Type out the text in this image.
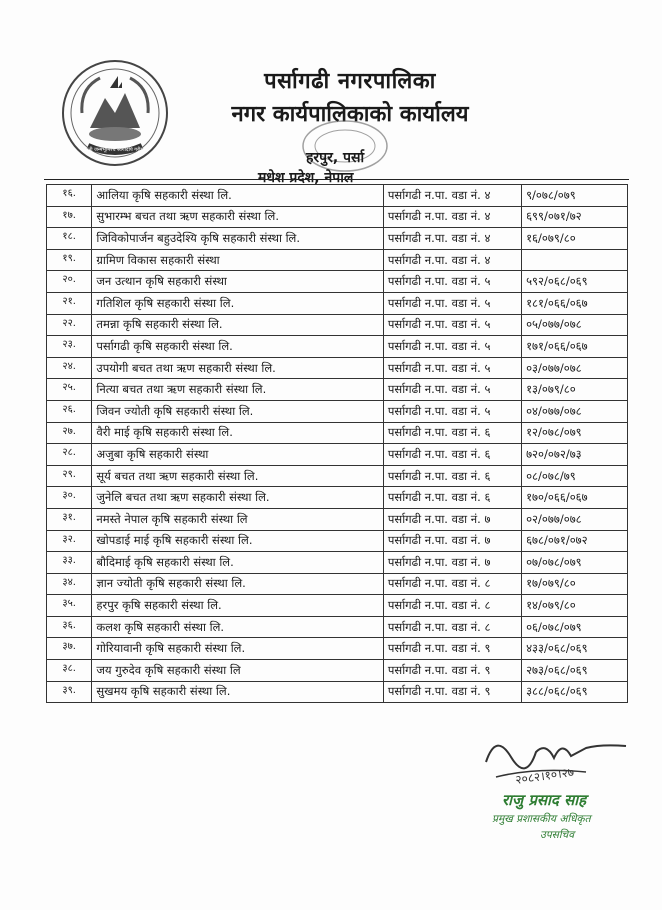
जननी जन्मभूमिश्च स्वर्गादपि गरीयसी

पर्सागढी नगरपालिका

नगर कार्यपालिकाको कार्यालय

हरपुर, पर्सा
मधेश प्रदेश, नेपाल
१६.	आलिया कृषि सहकारी संस्था लि.	पर्सागढी न.पा. वडा नं. ४	९/०७८/०७९
१७.	सुभारम्भ बचत तथा ऋण सहकारी संस्था लि.	पर्सागढी न.पा. वडा नं. ४	६९९/०७१/७२
१८.	जिविकोपार्जन बहुउदेश्यि कृषि सहकारी संस्था लि.	पर्सागढी न.पा. वडा नं. ४	१६/०७९/८०
१९.	ग्रामिण विकास सहकारी संस्था	पर्सागढी न.पा. वडा नं. ४	
२०.	जन उत्थान कृषि सहकारी संस्था	पर्सागढी न.पा. वडा नं. ५	५९२/०६८/०६९
२१.	गतिशिल कृषि सहकारी संस्था लि.	पर्सागढी न.पा. वडा नं. ५	१८१/०६६/०६७
२२.	तमन्ना कृषि सहकारी संस्था लि.	पर्सागढी न.पा. वडा नं. ५	०५/०७७/०७८
२३.	पर्सागढी कृषि सहकारी संस्था लि.	पर्सागढी न.पा. वडा नं. ५	१७१/०६६/०६७
२४.	उपयोगी बचत तथा ऋण सहकारी संस्था लि.	पर्सागढी न.पा. वडा नं. ५	०३/०७७/०७८
२५.	नित्या बचत तथा ऋण सहकारी संस्था लि.	पर्सागढी न.पा. वडा नं. ५	१३/०७९/८०
२६.	जिवन ज्योती कृषि सहकारी संस्था लि.	पर्सागढी न.पा. वडा नं. ५	०४/०७७/०७८
२७.	वैरी माई कृषि सहकारी संस्था लि.	पर्सागढी न.पा. वडा नं. ६	१२/०७८/०७९
२८.	अजुबा कृषि सहकारी संस्था	पर्सागढी न.पा. वडा नं. ६	७२०/०७२/७३
२९.	सूर्य बचत तथा ऋण सहकारी संस्था लि.	पर्सागढी न.पा. वडा नं. ६	०८/०७८/७९
३०.	जुनेलि बचत तथा ऋण सहकारी संस्था लि.	पर्सागढी न.पा. वडा नं. ६	१७०/०६६/०६७
३१.	नमस्ते नेपाल कृषि सहकारी संस्था लि	पर्सागढी न.पा. वडा नं. ७	०२/०७७/०७८
३२.	खोपडाई माई कृषि सहकारी संस्था लि.	पर्सागढी न.पा. वडा नं. ७	६७८/०७१/०७२
३३.	बौदिमाई कृषि सहकारी संस्था लि.	पर्सागढी न.पा. वडा नं. ७	०७/०७८/०७९
३४.	ज्ञान ज्योती कृषि सहकारी संस्था लि.	पर्सागढी न.पा. वडा नं. ८	१७/०७९/८०
३५.	हरपुर कृषि सहकारी संस्था लि.	पर्सागढी न.पा. वडा नं. ८	१४/०७९/८०
३६.	कलश कृषि सहकारी संस्था लि.	पर्सागढी न.पा. वडा नं. ८	०६/०७८/०७९
३७.	गोरियावानी कृषि सहकारी संस्था लि.	पर्सागढी न.पा. वडा नं. ९	४३३/०६८/०६९
३८.	जय गुरुदेव कृषि सहकारी संस्था लि	पर्सागढी न.पा. वडा नं. ९	२७३/०६८/०६९
३९.	सुखमय कृषि सहकारी संस्था लि.	पर्सागढी न.पा. वडा नं. ९	३८८/०६८/०६९
२०८२।१०।२७
राजु प्रसाद साह
प्रमुख प्रशासकीय अधिकृत
उपसचिव
